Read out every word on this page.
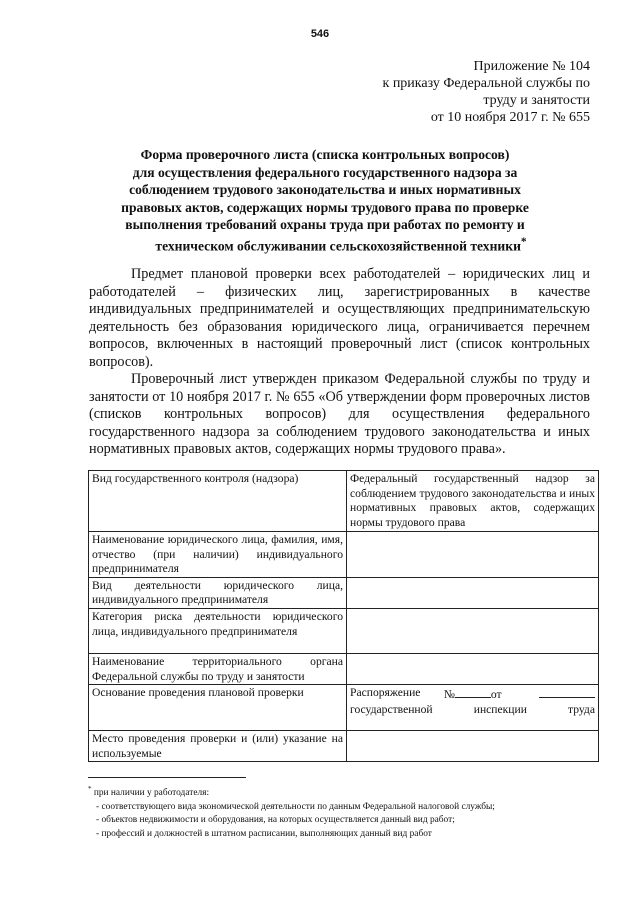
546
Приложение № 104
к приказу Федеральной службы по
труду и занятости
от 10 ноября 2017 г. № 655
Форма проверочного листа (списка контрольных вопросов)
для осуществления федерального государственного надзора за
соблюдением трудового законодательства и иных нормативных
правовых актов, содержащих нормы трудового права по проверке
выполнения требований охраны труда при работах по ремонту и
техническом обслуживании сельскохозяйственной техники*
Предмет плановой проверки всех работодателей – юридических лиц и работодателей – физических лиц, зарегистрированных в качестве индивидуальных предпринимателей и осуществляющих предпринимательскую деятельность без образования юридического лица, ограничивается перечнем вопросов, включенных в настоящий проверочный лист (список контрольных вопросов).
Проверочный лист утвержден приказом Федеральной службы по труду и занятости от 10 ноября 2017 г. № 655 «Об утверждении форм проверочных листов (списков контрольных вопросов) для осуществления федерального государственного надзора за соблюдением трудового законодательства и иных нормативных правовых актов, содержащих нормы трудового права».
Вид государственного контроля (надзора)	Федеральный государственный надзор за соблюдением трудового законодательства и иных нормативных правовых актов, содержащих нормы трудового права
Наименование юридического лица, фамилия, имя, отчество (при наличии) индивидуального предпринимателя	
Вид деятельности юридического лица, индивидуального предпринимателя	
Категория риска деятельности юридического лица, индивидуального предпринимателя	
Наименование территориального органа Федеральной службы по труду и занятости	
Основание проведения плановой проверки	Распоряжение № от
государственной инспекции труда

Место проведения проверки и (или) указание на используемые	
* при наличии у работодателя:
- соответствующего вида экономической деятельности по данным Федеральной налоговой службы;
- объектов недвижимости и оборудования, на которых осуществляется данный вид работ;
- профессий и должностей в штатном расписании, выполняющих данный вид работ
